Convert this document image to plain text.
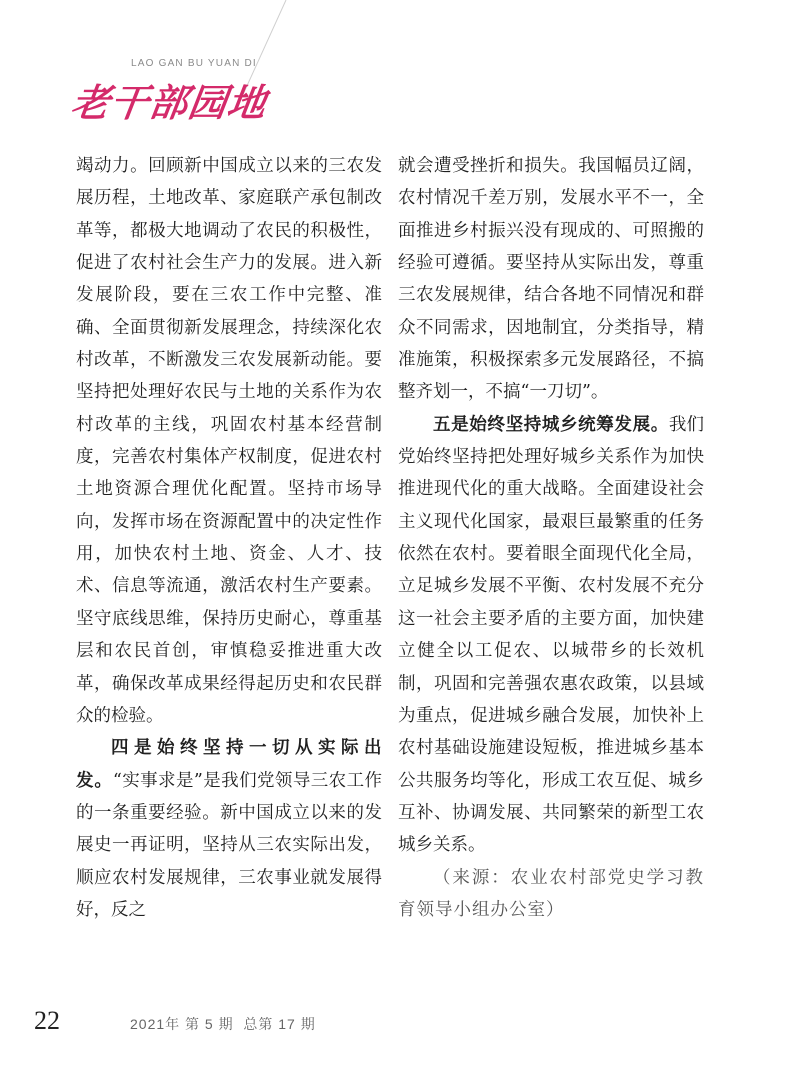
LAO GAN BU YUAN DI
老干部园地

竭动力。回顾新中国成立以来的三农发展历程，土地改革、家庭联产承包制改革等，都极大地调动了农民的积极性，促进了农村社会生产力的发展。进入新发展阶段，要在三农工作中完整、准确、全面贯彻新发展理念，持续深化农村改革，不断激发三农发展新动能。要坚持把处理好农民与土地的关系作为农村改革的主线，巩固农村基本经营制度，完善农村集体产权制度，促进农村土地资源合理优化配置。坚持市场导向，发挥市场在资源配置中的决定性作用，加快农村土地、资金、人才、技术、信息等流通，激活农村生产要素。坚守底线思维，保持历史耐心，尊重基层和农民首创，审慎稳妥推进重大改革，确保改革成果经得起历史和农民群众的检验。

四是始终坚持一切从实际出发。“实事求是”是我们党领导三农工作的一条重要经验。新中国成立以来的发展史一再证明，坚持从三农实际出发，顺应农村发展规律，三农事业就发展得好，反之

就会遭受挫折和损失。我国幅员辽阔，农村情况千差万别，发展水平不一，全面推进乡村振兴没有现成的、可照搬的经验可遵循。要坚持从实际出发，尊重三农发展规律，结合各地不同情况和群众不同需求，因地制宜，分类指导，精准施策，积极探索多元发展路径，不搞整齐划一，不搞“一刀切”。

五是始终坚持城乡统筹发展。我们党始终坚持把处理好城乡关系作为加快推进现代化的重大战略。全面建设社会主义现代化国家，最艰巨最繁重的任务依然在农村。要着眼全面现代化全局，立足城乡发展不平衡、农村发展不充分这一社会主要矛盾的主要方面，加快建立健全以工促农、以城带乡的长效机制，巩固和完善强农惠农政策，以县域为重点，促进城乡融合发展，加快补上农村基础设施建设短板，推进城乡基本公共服务均等化，形成工农互促、城乡互补、协调发展、共同繁荣的新型工农城乡关系。

（来源：农业农村部党史学习教育领导小组办公室）

22	2021年 第 5 期  总第 17 期
